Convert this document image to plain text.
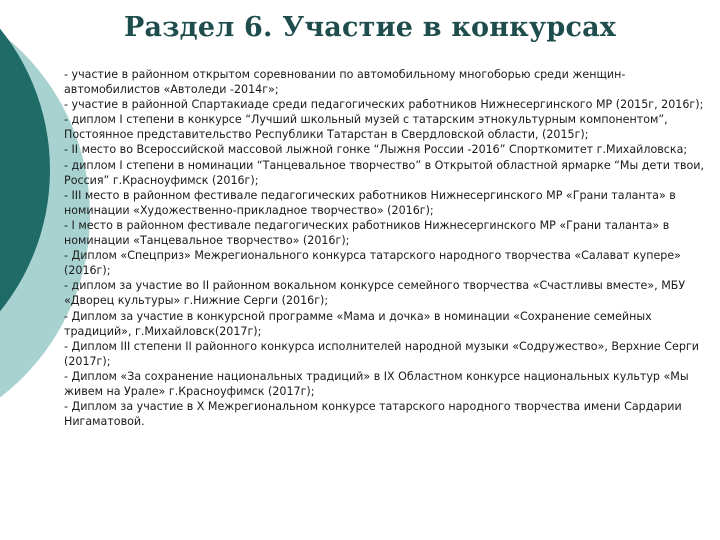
Раздел 6. Участие в конкурсах

- участие в районном открытом соревновании по автомобильному многоборью среди женщин-автомобилистов «Автоледи -2014г»;

- участие в районной Спартакиаде среди педагогических работников Нижнесергинского МР (2015г, 2016г);

- диплом I степени в конкурсе “Лучший школьный музей с татарским этнокультурным компонентом”, Постоянное представительство Республики Татарстан в Свердловской области, (2015г);

- II место во Всероссийской массовой лыжной гонке “Лыжня России -2016” Спорткомитет г.Михайловска;

- диплом I степени в номинации “Танцевальное творчество” в Открытой областной ярмарке “Мы дети твои, Россия” г.Красноуфимск (2016г);

- III место в районном фестивале педагогических работников Нижнесергинского МР «Грани таланта» в номинации «Художественно-прикладное творчество» (2016г);

- I место в районном фестивале педагогических работников Нижнесергинского МР «Грани таланта» в номинации «Танцевальное творчество» (2016г);

- Диплом «Спецприз» Межрегионального конкурса татарского народного творчества «Салават купере» (2016г);

- диплом за участие во II районном вокальном конкурсе семейного творчества «Счастливы вместе», МБУ «Дворец культуры» г.Нижние Серги (2016г);

- Диплом за участие в конкурсной программе «Мама и дочка» в номинации «Сохранение семейных традиций», г.Михайловск(2017г);

- Диплом III степени II районного конкурса исполнителей народной музыки «Содружество», Верхние Серги (2017г);

- Диплом «За сохранение национальных традиций» в IX Областном конкурсе национальных культур «Мы живем на Урале» г.Красноуфимск (2017г);

- Диплом за участие в X Межрегиональном конкурсе татарского народного творчества имени Сардарии Нигаматовой.
